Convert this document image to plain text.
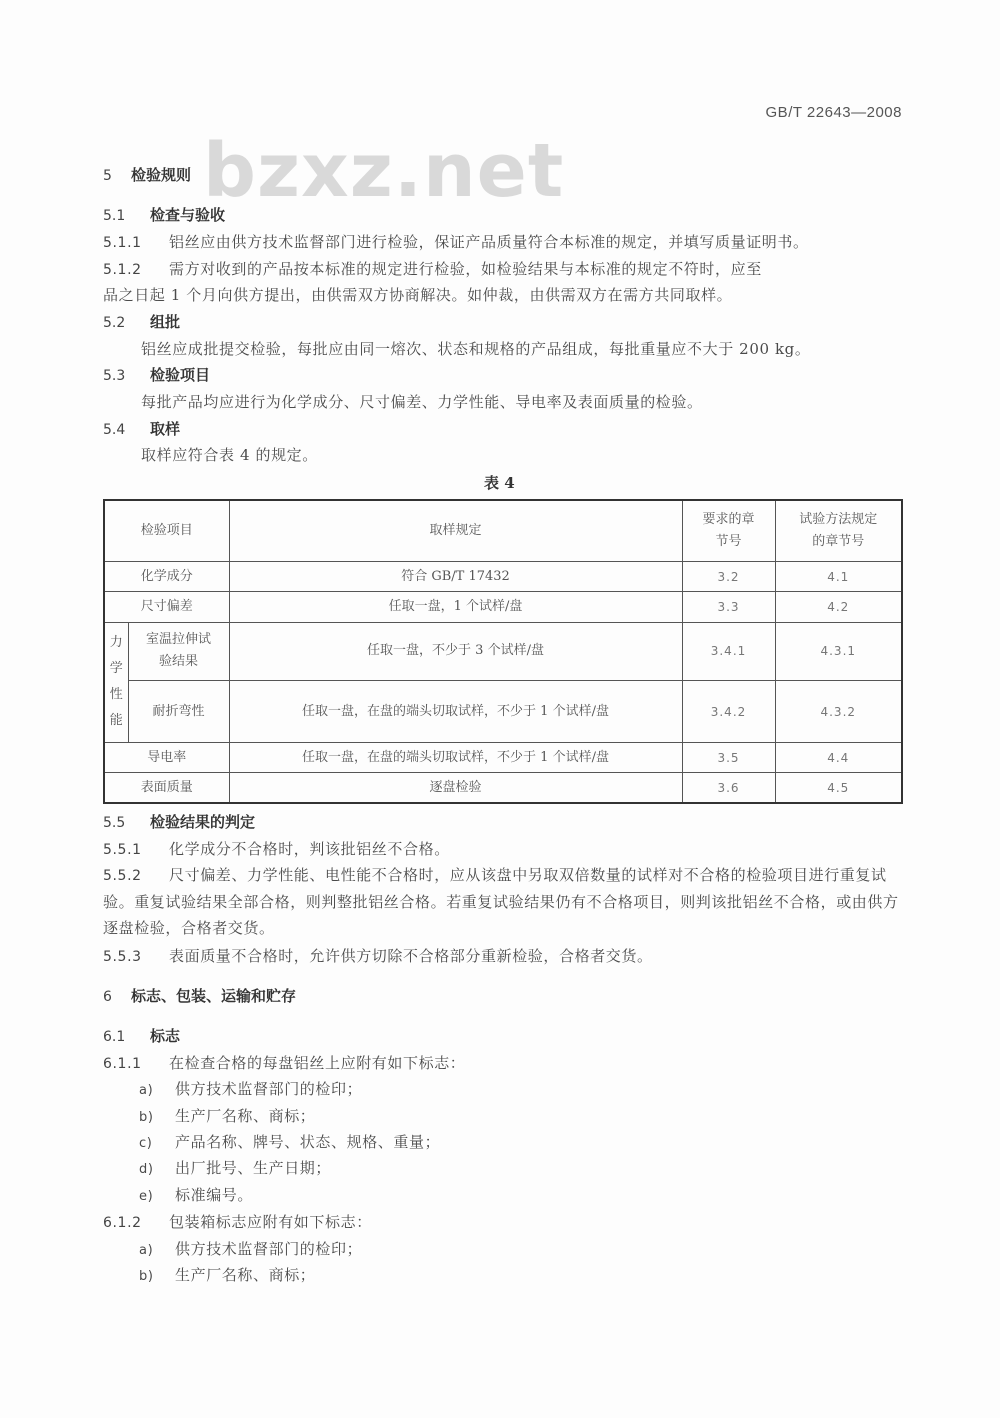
GB/T 22643—2008
bzxz.net
5 检验规则
5.1 检查与验收
5.1.1 铝丝应由供方技术监督部门进行检验，保证产品质量符合本标准的规定，并填写质量证明书。
5.1.2 需方对收到的产品按本标准的规定进行检验，如检验结果与本标准的规定不符时，应至
品之日起 1 个月向供方提出，由供需双方协商解决。如仲裁，由供需双方在需方共同取样。
5.2 组批
铝丝应成批提交检验，每批应由同一熔次、状态和规格的产品组成，每批重量应不大于 200 kg。
5.3 检验项目
每批产品均应进行为化学成分、尺寸偏差、力学性能、导电率及表面质量的检验。
5.4 取样
取样应符合表 4 的规定。
表 4
检验项目		取样规定	要求的章节号	试验方法规定的章节号
化学成分		符合 GB/T 17432	3.2	4.1
尺寸偏差		任取一盘，1 个试样/盘	3.3	4.2
力学性能	室温拉伸试验结果	任取一盘，不少于 3 个试样/盘	3.4.1	4.3.1
	耐折弯性	任取一盘，在盘的端头切取试样，不少于 1 个试样/盘	3.4.2	4.3.2
导电率		任取一盘，在盘的端头切取试样，不少于 1 个试样/盘	3.5	4.4
表面质量		逐盘检验	3.6	4.5
5.5 检验结果的判定
5.5.1 化学成分不合格时，判该批铝丝不合格。
5.5.2 尺寸偏差、力学性能、电性能不合格时，应从该盘中另取双倍数量的试样对不合格的检验项目进行重复试验。重复试验结果全部合格，则判整批铝丝合格。若重复试验结果仍有不合格项目，则判该批铝丝不合格，或由供方逐盘检验，合格者交货。
5.5.3 表面质量不合格时，允许供方切除不合格部分重新检验，合格者交货。
6 标志、包装、运输和贮存
6.1 标志
6.1.1 在检查合格的每盘铝丝上应附有如下标志：
a) 供方技术监督部门的检印；
b) 生产厂名称、商标；
c) 产品名称、牌号、状态、规格、重量；
d) 出厂批号、生产日期；
e) 标准编号。
6.1.2 包装箱标志应附有如下标志：
a) 供方技术监督部门的检印；
b) 生产厂名称、商标；
